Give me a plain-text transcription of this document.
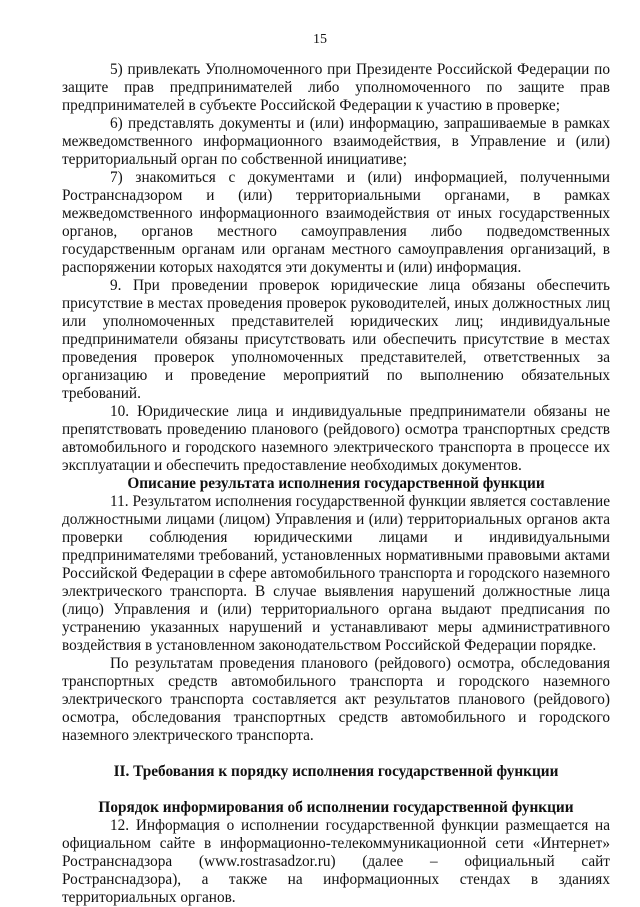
15

5) привлекать Уполномоченного при Президенте Российской Федерации по защите прав предпринимателей либо уполномоченного по защите прав предпринимателей в субъекте Российской Федерации к участию в проверке;

6) представлять документы и (или) информацию, запрашиваемые в рамках межведомственного информационного взаимодействия, в Управление и (или) территориальный орган по собственной инициативе;

7) знакомиться с документами и (или) информацией, полученными Ространснадзором и (или) территориальными органами, в рамках межведомственного информационного взаимодействия от иных государственных органов, органов местного самоуправления либо подведомственных государственным органам или органам местного самоуправления организаций, в распоряжении которых находятся эти документы и (или) информация.

9. При проведении проверок юридические лица обязаны обеспечить присутствие в местах проведения проверок руководителей, иных должностных лиц или уполномоченных представителей юридических лиц; индивидуальные предприниматели обязаны присутствовать или обеспечить присутствие в местах проведения проверок уполномоченных представителей, ответственных за организацию и проведение мероприятий по выполнению обязательных требований.

10. Юридические лица и индивидуальные предприниматели обязаны не препятствовать проведению планового (рейдового) осмотра транспортных средств автомобильного и городского наземного электрического транспорта в процессе их эксплуатации и обеспечить предоставление необходимых документов.

Описание результата исполнения государственной функции

11. Результатом исполнения государственной функции является составление должностными лицами (лицом) Управления и (или) территориальных органов акта проверки соблюдения юридическими лицами и индивидуальными предпринимателями требований, установленных нормативными правовыми актами Российской Федерации в сфере автомобильного транспорта и городского наземного электрического транспорта. В случае выявления нарушений должностные лица (лицо) Управления и (или) территориального органа выдают предписания по устранению указанных нарушений и устанавливают меры административного воздействия в установленном законодательством Российской Федерации порядке.

По результатам проведения планового (рейдового) осмотра, обследования транспортных средств автомобильного транспорта и городского наземного электрического транспорта составляется акт результатов планового (рейдового) осмотра, обследования транспортных средств автомобильного и городского наземного электрического транспорта.

II. Требования к порядку исполнения государственной функции
Порядок информирования об исполнении государственной функции

12. Информация о исполнении государственной функции размещается на официальном сайте в информационно-телекоммуникационной сети «Интернет» Ространснадзора (www.rostrasadzor.ru) (далее – официальный сайт Ространснадзора), а также на информационных стендах в зданиях территориальных органов.
